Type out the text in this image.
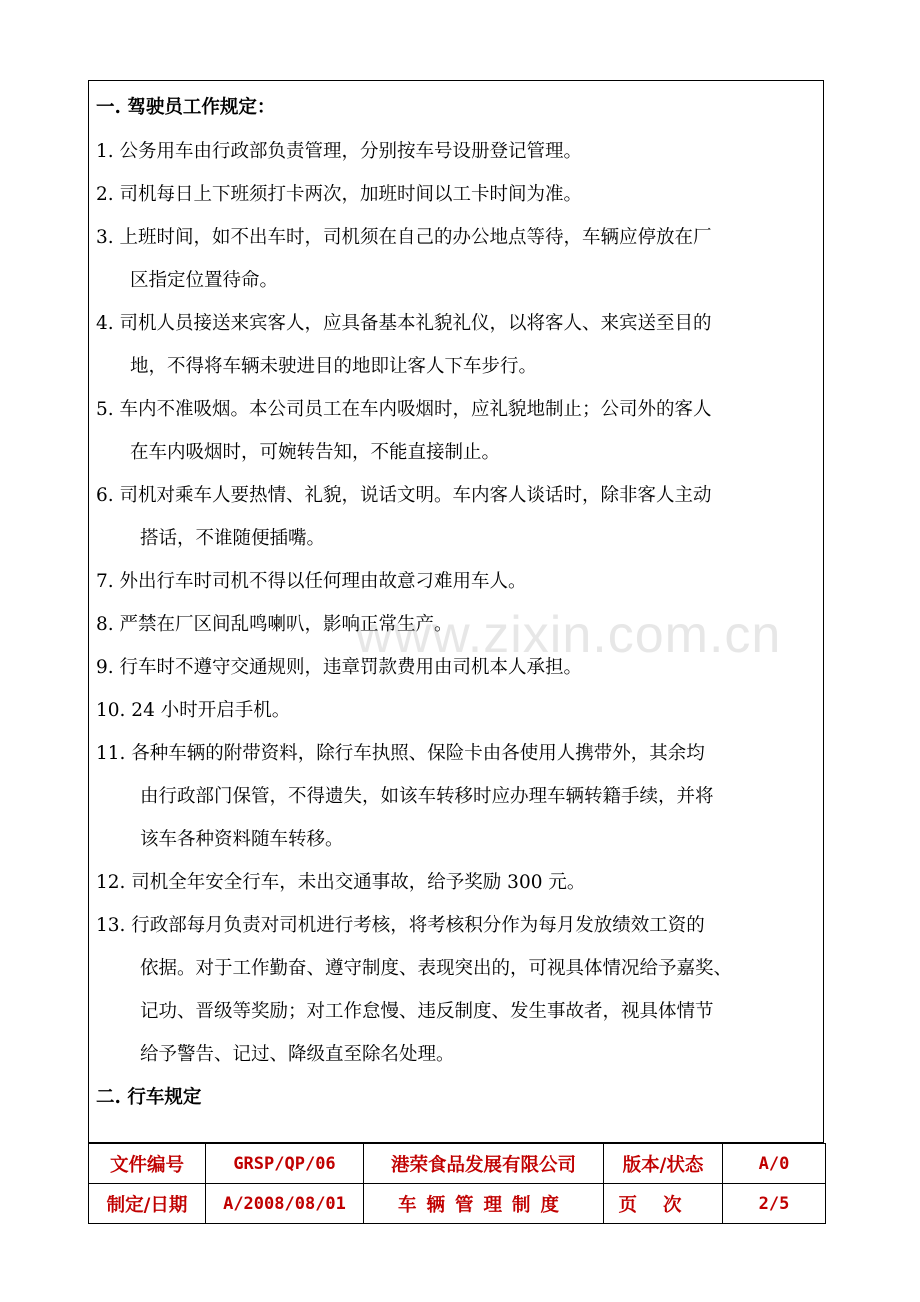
www.zixin.com.cn
一. 驾驶员工作规定：
1. 公务用车由行政部负责管理，分别按车号设册登记管理。
2. 司机每日上下班须打卡两次，加班时间以工卡时间为准。
3. 上班时间，如不出车时，司机须在自己的办公地点等待，车辆应停放在厂
区指定位置待命。
4. 司机人员接送来宾客人，应具备基本礼貌礼仪，以将客人、来宾送至目的
地，不得将车辆未驶进目的地即让客人下车步行。
5. 车内不准吸烟。本公司员工在车内吸烟时，应礼貌地制止；公司外的客人
在车内吸烟时，可婉转告知，不能直接制止。
6. 司机对乘车人要热情、礼貌，说话文明。车内客人谈话时，除非客人主动
搭话，不谁随便插嘴。
7. 外出行车时司机不得以任何理由故意刁难用车人。
8. 严禁在厂区间乱鸣喇叭，影响正常生产。
9. 行车时不遵守交通规则，违章罚款费用由司机本人承担。
10. 24 小时开启手机。
11. 各种车辆的附带资料，除行车执照、保险卡由各使用人携带外，其余均
由行政部门保管，不得遗失，如该车转移时应办理车辆转籍手续，并将
该车各种资料随车转移。
12. 司机全年安全行车，未出交通事故，给予奖励 300 元。
13. 行政部每月负责对司机进行考核，将考核积分作为每月发放绩效工资的
依据。对于工作勤奋、遵守制度、表现突出的，可视具体情况给予嘉奖、
记功、晋级等奖励；对工作怠慢、违反制度、发生事故者，视具体情节
给予警告、记过、降级直至除名处理。
二. 行车规定
文件编号	GRSP/QP/06	港荣食品发展有限公司	版本/状态	A/0
制定/日期	A/2008/08/01	车辆管理制度	页次	2/5
